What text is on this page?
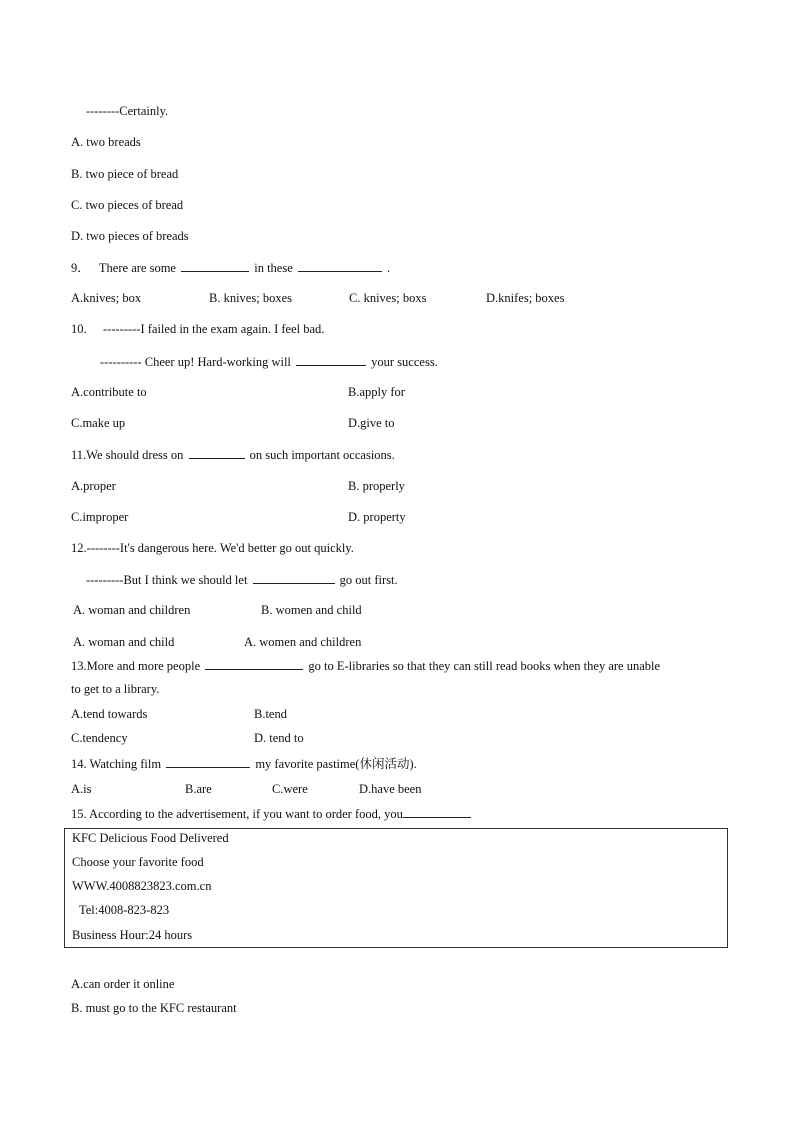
--------Certainly.
A. two breads
B. two piece of bread
C. two pieces of bread
D. two pieces of breads
9． There are some	in these	.
A.knives; box	B. knives; boxes	C. knives; boxs	D.knifes; boxes
10. ---------I failed in the exam again. I feel bad.
---------- Cheer up! Hard-working will	your success.
A.contribute to	B.apply for
C.make up	D.give to
11.We should dress on	on such important occasions.
A.proper	B. properly
C.improper	D. property
12.--------It's dangerous here. We'd better go out quickly.
---------But I think we should let	go out first.
A. woman and children	B. women and child
A. woman and child	A. women and children
13.More and more people	go to E-libraries so that they can still read books when they are unable
to get to a library.
A.tend towards	B.tend
C.tendency	D. tend to
14. Watching film	my favorite pastime(休闲活动).
A.is	B.are	C.were	D.have been
15. According to the advertisement, if you want to order food, you
KFC Delicious Food Delivered
Choose your favorite food
WWW.4008823823.com.cn
Tel:4008-823-823
Business Hour:24 hours
A.can order it online
B. must go to the KFC restaurant
